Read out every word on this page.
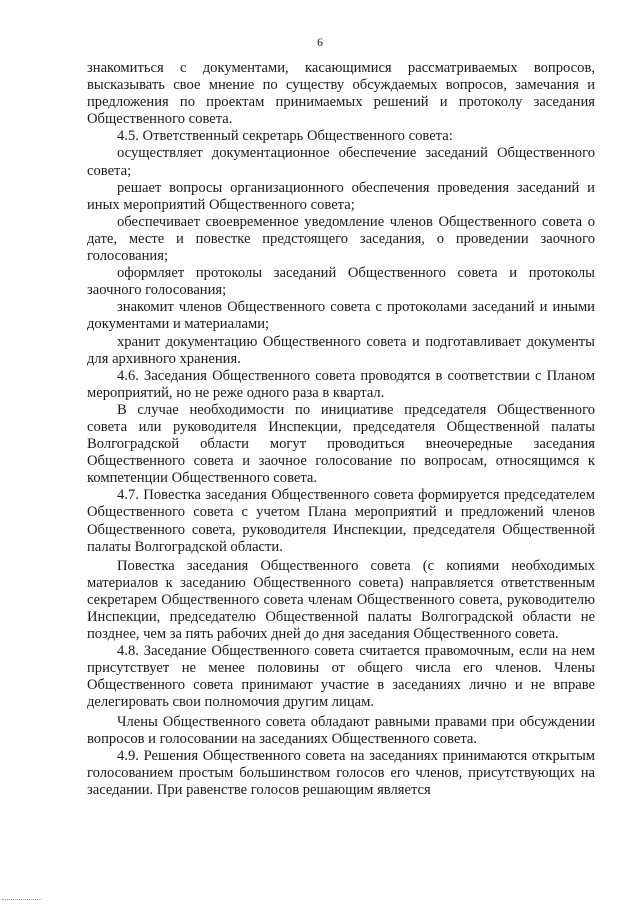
6

знакомиться с документами, касающимися рассматриваемых вопросов, высказывать свое мнение по существу обсуждаемых вопросов, замечания и предложения по проектам принимаемых решений и протоколу заседания Общественного совета.

4.5. Ответственный секретарь Общественного совета:

осуществляет документационное обеспечение заседаний Общественного совета;

решает вопросы организационного обеспечения проведения заседаний и иных мероприятий Общественного совета;

обеспечивает своевременное уведомление членов Общественного совета о дате, месте и повестке предстоящего заседания, о проведении заочного голосования;

оформляет протоколы заседаний Общественного совета и протоколы заочного голосования;

знакомит членов Общественного совета с протоколами заседаний и иными документами и материалами;

хранит документацию Общественного совета и подготавливает документы для архивного хранения.

4.6. Заседания Общественного совета проводятся в соответствии с Планом мероприятий, но не реже одного раза в квартал.

В случае необходимости по инициативе председателя Общественного совета или руководителя Инспекции, председателя Общественной палаты Волгоградской области могут проводиться внеочередные заседания Общественного совета и заочное голосование по вопросам, относящимся к компетенции Общественного совета.

4.7. Повестка заседания Общественного совета формируется председателем Общественного совета с учетом Плана мероприятий и предложений членов Общественного совета, руководителя Инспекции, председателя Общественной палаты Волгоградской области.

Повестка заседания Общественного совета (с копиями необходимых материалов к заседанию Общественного совета) направляется ответственным секретарем Общественного совета членам Общественного совета, руководителю Инспекции, председателю Общественной палаты Волгоградской области не позднее, чем за пять рабочих дней до дня заседания Общественного совета.

4.8. Заседание Общественного совета считается правомочным, если на нем присутствует не менее половины от общего числа его членов. Члены Общественного совета принимают участие в заседаниях лично и не вправе делегировать свои полномочия другим лицам.

Члены Общественного совета обладают равными правами при обсуждении вопросов и голосовании на заседаниях Общественного совета.

4.9. Решения Общественного совета на заседаниях принимаются открытым голосованием простым большинством голосов его членов, присутствующих на заседании. При равенстве голосов решающим является
